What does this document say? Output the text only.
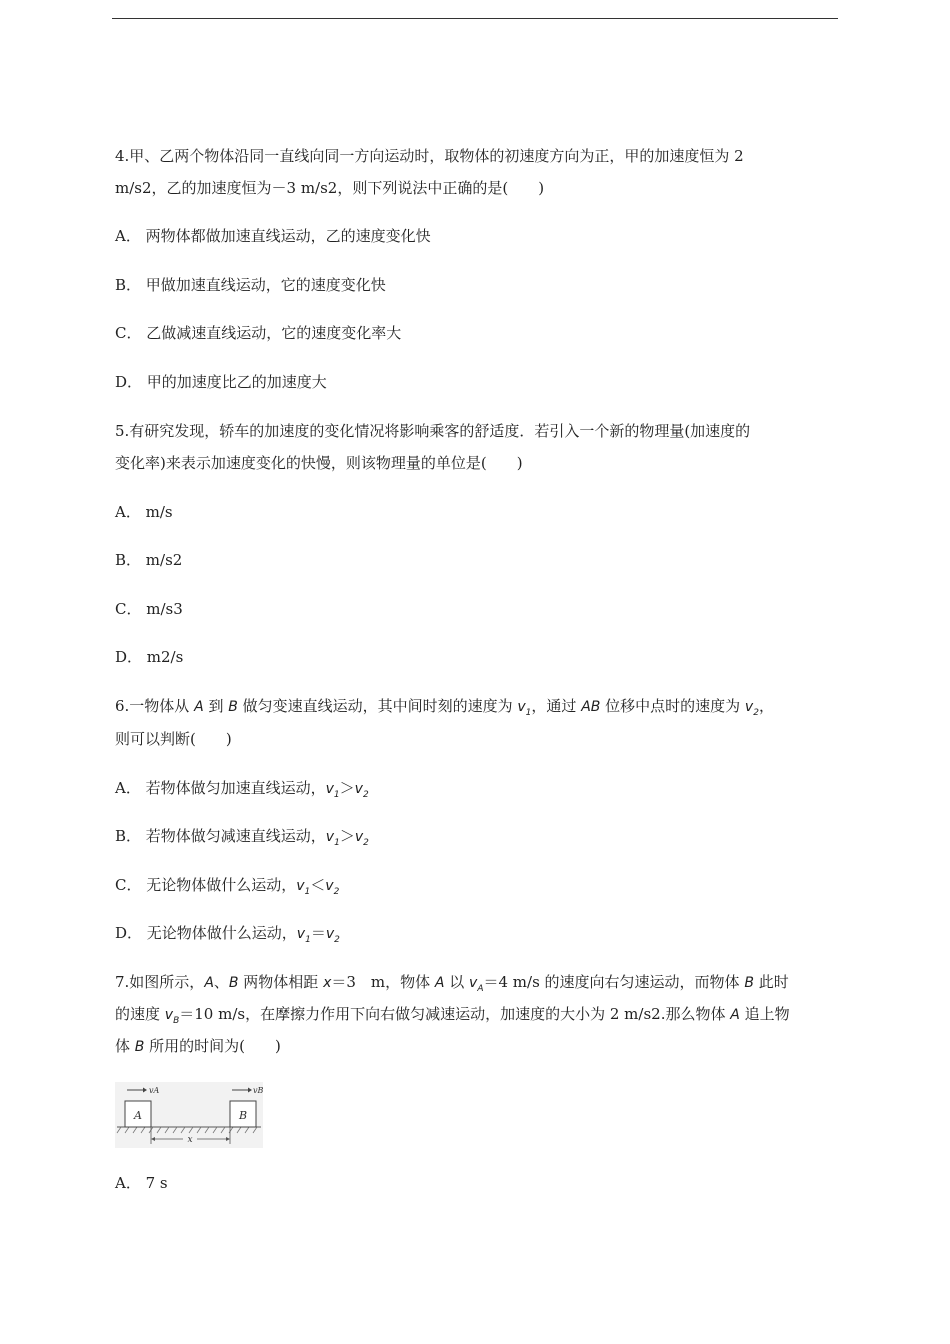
4.甲、乙两个物体沿同一直线向同一方向运动时，取物体的初速度方向为正，甲的加速度恒为 2
m/s2，乙的加速度恒为－3 m/s2，则下列说法中正确的是(　　)
A． 两物体都做加速直线运动，乙的速度变化快
B． 甲做加速直线运动，它的速度变化快
C． 乙做减速直线运动，它的速度变化率大
D． 甲的加速度比乙的加速度大
5.有研究发现，轿车的加速度的变化情况将影响乘客的舒适度．若引入一个新的物理量(加速度的
变化率)来表示加速度变化的快慢，则该物理量的单位是(　　)
A． m/s
B． m/s2
C． m/s3
D． m2/s
6.一物体从 A 到 B 做匀变速直线运动，其中间时刻的速度为 $v_1$，通过 AB 位移中点时的速度为 $v_2$，
则可以判断(　　)
A． 若物体做匀加速直线运动，$v_1>v_2$
B． 若物体做匀减速直线运动，$v_1>v_2$
C． 无论物体做什么运动，$v_1<v_2$
D． 无论物体做什么运动，$v_1=v_2$
7.如图所示，A、B 两物体相距 x＝3　m，物体 A 以 $v_A=4$ m/s 的速度向右匀速运动，而物体 B 此时
的速度 $v_B=10$ m/s，在摩擦力作用下向右做匀减速运动，加速度的大小为 2 m/s2.那么物体 A 追上物
体 B 所用的时间为(　　)
A	B
vA	vB
x
A． 7 s
